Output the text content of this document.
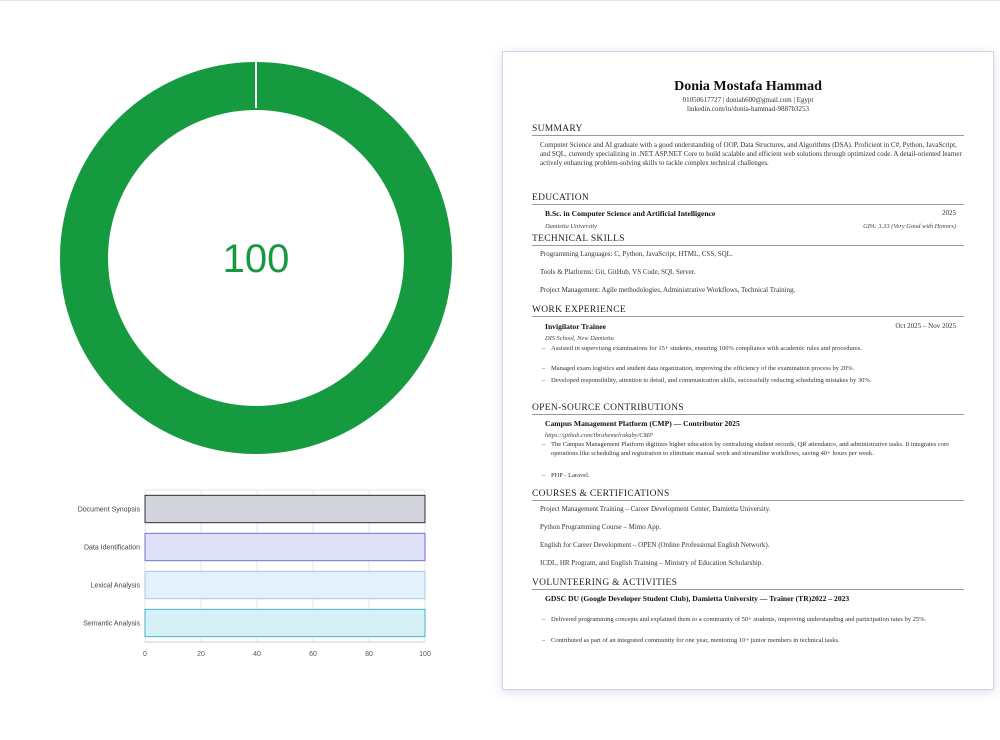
100
0	20	40	60	80	100
Document Synopsis
Data Identification
Lexical Analysis
Semantic Analysis
Donia Mostafa Hammad
01050617727 | doniah600@gmail.com | Egypt
linkedin.com/in/donia-hammad-9887b3253
SUMMARY
Computer Science and AI graduate with a good understanding of OOP, Data Structures, and Algorithms (DSA). Proficient in C#, Python, JavaScript, and SQL, currently specializing in .NET ASP.NET Core to build scalable and efficient web solutions through optimized code. A detail-oriented learner actively enhancing problem-solving skills to tackle complex technical challenges.
EDUCATION
B.Sc. in Computer Science and Artificial Intelligence	2025
Damietta University	GPA: 3.33 (Very Good with Honors)
TECHNICAL SKILLS
Programming Languages: C, Python, JavaScript, HTML, CSS, SQL.
Tools & Platforms: Git, GitHub, VS Code, SQL Server.
Project Management: Agile methodologies, Administrative Workflows, Technical Training.
WORK EXPERIENCE
Invigilator Trainee	Oct 2025 – Nov 2025
DIS School, New Damietta
– Assisted in supervising examinations for 15+ students, ensuring 100% compliance with academic rules and procedures.
– Managed exam logistics and student data organization, improving the efficiency of the examination process by 20%.
– Developed responsibility, attention to detail, and communication skills, successfully reducing scheduling mistakes by 30%.
OPEN-SOURCE CONTRIBUTIONS
Campus Management Platform (CMP) — Contributor 2025
https://github.com/Ibrahemelrakaby/CMP
– The Campus Management Platform digitizes higher education by centralizing student records, QR attendance, and administrative tasks. It integrates core operations like scheduling and registration to eliminate manual work and streamline workflows, saving 40+ hours per week.
– PHP - Laravel.
COURSES & CERTIFICATIONS
Project Management Training – Career Development Center, Damietta University.
Python Programming Course – Mimo App.
English for Career Development – OPEN (Online Professional English Network).
ICDL, HR Program, and English Training – Ministry of Education Scholarship.
VOLUNTEERING & ACTIVITIES
GDSC DU (Google Developer Student Club), Damietta University — Trainer (TR)2022 – 2023
– Delivered programming concepts and explained them to a community of 50+ students, improving understanding and participation rates by 25%.
– Contributed as part of an integrated community for one year, mentoring 10+ junior members in technical tasks.
